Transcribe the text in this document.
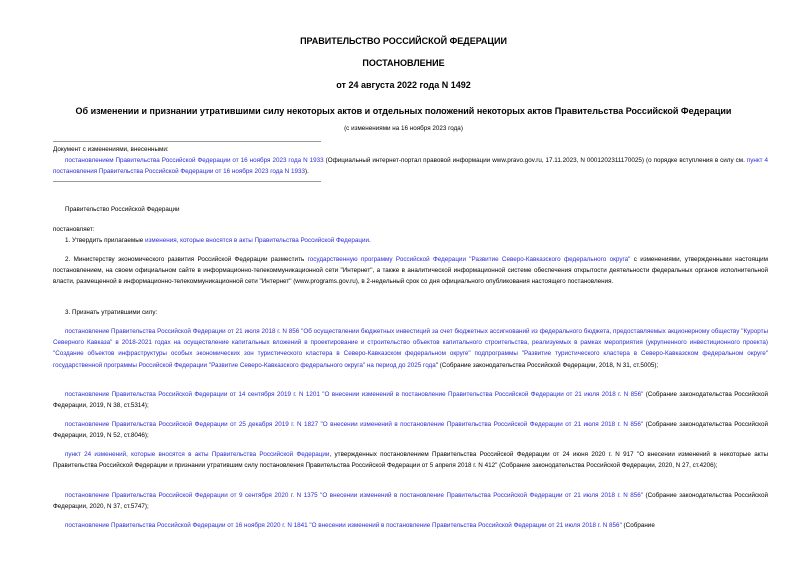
ПРАВИТЕЛЬСТВО РОССИЙСКОЙ ФЕДЕРАЦИИ
ПОСТАНОВЛЕНИЕ
от 24 августа 2022 года N 1492
Об изменении и признании утратившими силу некоторых актов и отдельных положений некоторых актов Правительства Российской Федерации
(с изменениями на 16 ноября 2023 года)
Документ с изменениями, внесенными:
постановлением Правительства Российской Федерации от 16 ноября 2023 года N 1933 (Официальный интернет-портал правовой информации www.pravo.gov.ru, 17.11.2023, N 0001202311170025) (о порядке вступления в силу см. пункт 4 постановления Правительства Российской Федерации от 16 ноября 2023 года N 1933).
Правительство Российской Федерации
постановляет:
1. Утвердить прилагаемые изменения, которые вносятся в акты Правительства Российской Федерации.
2. Министерству экономического развития Российской Федерации разместить государственную программу Российской Федерации "Развитие Северо-Кавказского федерального округа" с изменениями, утвержденными настоящим постановлением, на своем официальном сайте в информационно-телекоммуникационной сети "Интернет", а также в аналитической информационной системе обеспечения открытости деятельности федеральных органов исполнительной власти, размещенной в информационно-телекоммуникационной сети "Интернет" (www.programs.gov.ru), в 2-недельный срок со дня официального опубликования настоящего постановления.
3. Признать утратившими силу:
постановление Правительства Российской Федерации от 21 июля 2018 г. N 856 "Об осуществлении бюджетных инвестиций за счет бюджетных ассигнований из федерального бюджета, предоставляемых акционерному обществу "Курорты Северного Кавказа" в 2018-2021 годах на осуществление капитальных вложений в проектирование и строительство объектов капитального строительства, реализуемых в рамках мероприятия (укрупненного инвестиционного проекта) "Создание объектов инфраструктуры особых экономических зон туристического кластера в Северо-Кавказском федеральном округе" подпрограммы "Развитие туристического кластера в Северо-Кавказском федеральном округе" государственной программы Российской Федерации "Развитие Северо-Кавказского федерального округа" на период до 2025 года" (Собрание законодательства Российской Федерации, 2018, N 31, ст.5005);
постановление Правительства Российской Федерации от 14 сентября 2019 г. N 1201 "О внесении изменений в постановление Правительства Российской Федерации от 21 июля 2018 г. N 856" (Собрание законодательства Российской Федерации, 2019, N 38, ст.5314);
постановление Правительства Российской Федерации от 25 декабря 2019 г. N 1827 "О внесении изменений в постановление Правительства Российской Федерации от 21 июля 2018 г. N 856" (Собрание законодательства Российской Федерации, 2019, N 52, ст.8046);
пункт 24 изменений, которые вносятся в акты Правительства Российской Федерации, утвержденных постановлением Правительства Российской Федерации от 24 июня 2020 г. N 917 "О внесении изменений в некоторые акты Правительства Российской Федерации и признании утратившим силу постановления Правительства Российской Федерации от 5 апреля 2018 г. N 412" (Собрание законодательства Российской Федерации, 2020, N 27, ст.4206);
постановление Правительства Российской Федерации от 9 сентября 2020 г. N 1375 "О внесении изменений в постановление Правительства Российской Федерации от 21 июля 2018 г. N 856" (Собрание законодательства Российской Федерации, 2020, N 37, ст.5747);
постановление Правительства Российской Федерации от 16 ноября 2020 г. N 1841 "О внесении изменений в постановление Правительства Российской Федерации от 21 июля 2018 г. N 856" (Собрание
